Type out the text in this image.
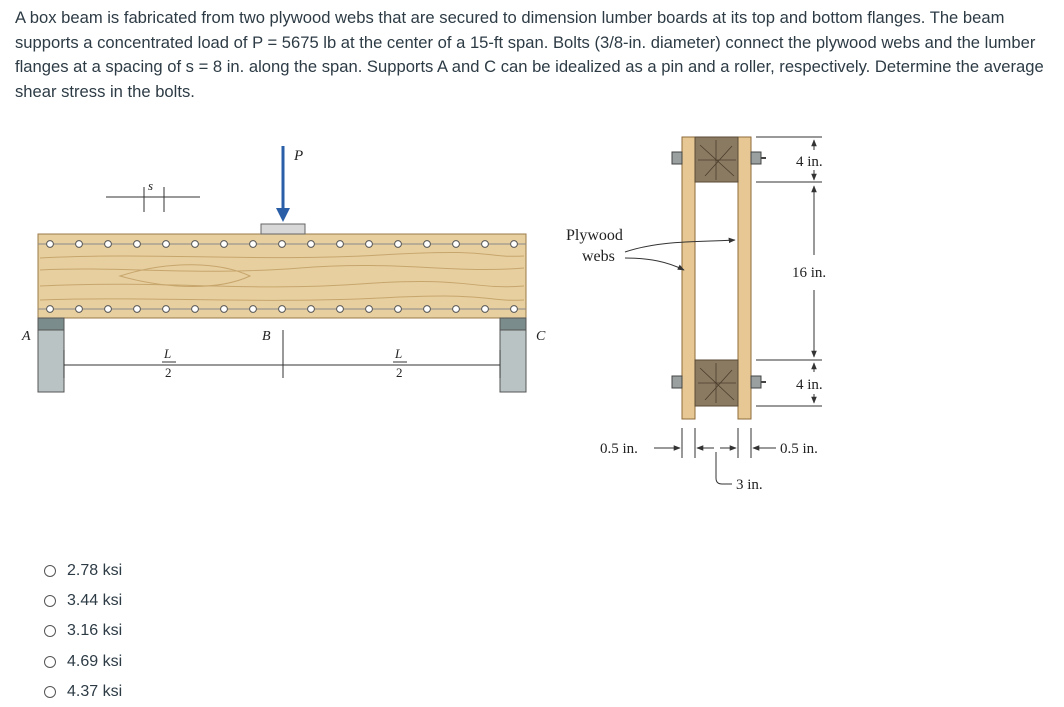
A box beam is fabricated from two plywood webs that are secured to dimension lumber boards at its top and bottom flanges. The beam supports a concentrated load of P = 5675 lb at the center of a 15-ft span. Bolts (3/8-in. diameter) connect the plywood webs and the lumber flanges at a spacing of s = 8 in. along the span. Supports A and C can be idealized as a pin and a roller, respectively. Determine the average shear stress in the bolts.

P
s
A	B	C
L
2
L
2
Plywood
webs
4 in.
16 in.
4 in.
0.5 in.	0.5 in.
3 in.
2.78 ksi
3.44 ksi
3.16 ksi
4.69 ksi
4.37 ksi
